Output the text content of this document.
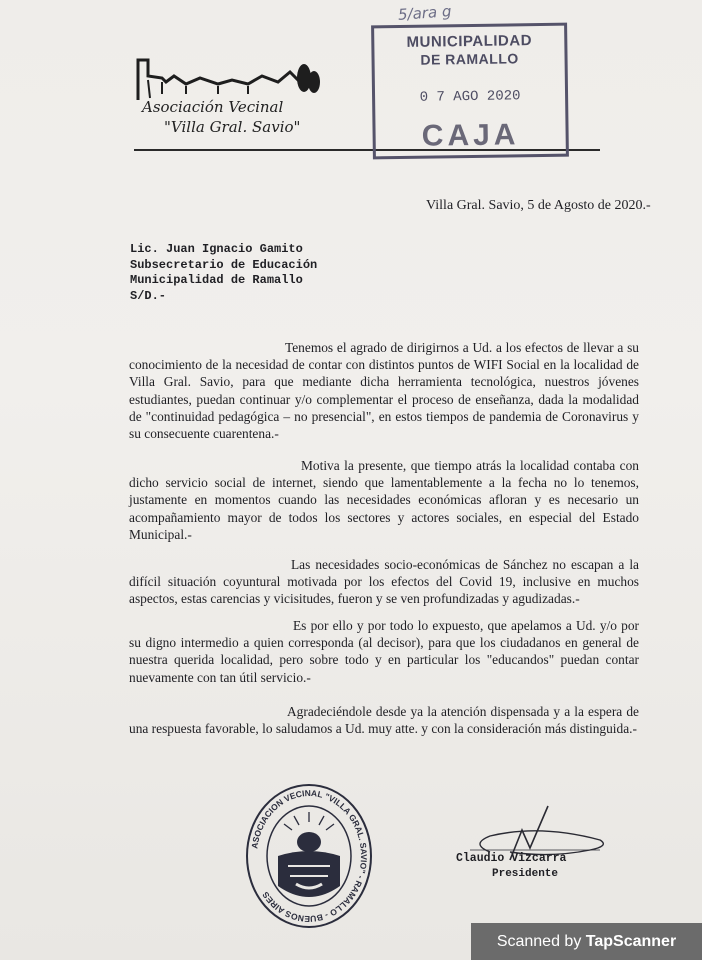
Asociación Vecinal
"Villa Gral. Savio"
5/ara g
MUNICIPALIDAD
DE RAMALLO
0 7 AGO 2020
CAJA
Villa Gral. Savio, 5 de Agosto de 2020.-
Lic. Juan Ignacio Gamito
Subsecretario de Educación
Municipalidad de Ramallo
S/D.-

Tenemos el agrado de dirigirnos a Ud. a los efectos de llevar a su conocimiento de la necesidad de contar con distintos puntos de WIFI Social en la localidad de Villa Gral. Savio, para que mediante dicha herramienta tecnológica, nuestros jóvenes estudiantes, puedan continuar y/o complementar el proceso de enseñanza, dada la modalidad de "continuidad pedagógica – no presencial", en estos tiempos de pandemia de Coronavirus y su consecuente cuarentena.-

Motiva la presente, que tiempo atrás la localidad contaba con dicho servicio social de internet, siendo que lamentablemente a la fecha no lo tenemos, justamente en momentos cuando las necesidades económicas afloran y es necesario un acompañamiento mayor de todos los sectores y actores sociales, en especial del Estado Municipal.-

Las necesidades socio-económicas de Sánchez no escapan a la difícil situación coyuntural motivada por los efectos del Covid 19, inclusive en muchos aspectos, estas carencias y vicisitudes, fueron y se ven profundizadas y agudizadas.-

Es por ello y por todo lo expuesto, que apelamos a Ud. y/o por su digno intermedio a quien corresponda (al decisor), para que los ciudadanos en general de nuestra querida localidad, pero sobre todo y en particular los "educandos" puedan contar nuevamente con tan útil servicio.-

Agradeciéndole desde ya la atención dispensada y a la espera de una respuesta favorable, lo saludamos a Ud. muy atte. y con la consideración más distinguida.-

ASOCIACION VECINAL "VILLA GRAL. SAVIO" - RAMALLO - BUENOS AIRES
Claudio Vizcarra
Presidente
Scanned by TapScanner
